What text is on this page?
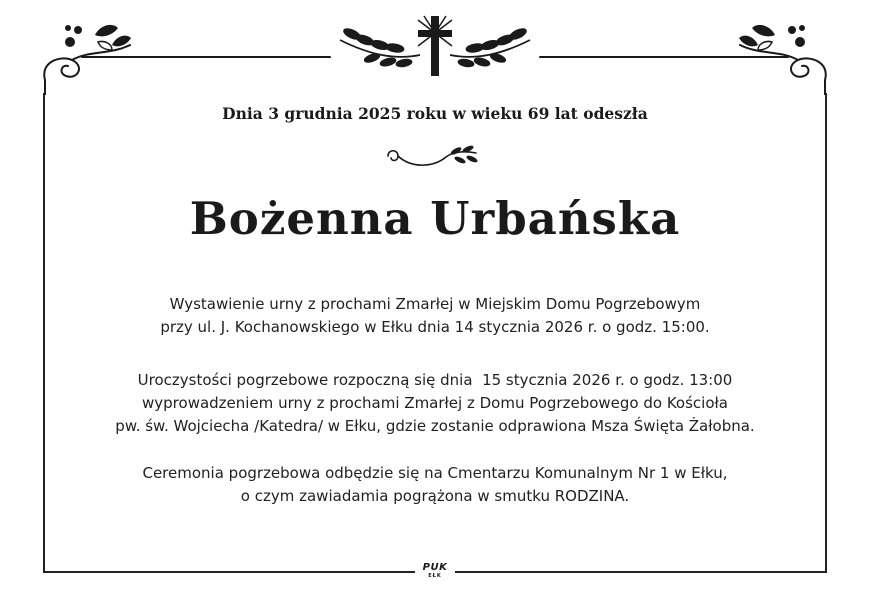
Dnia 3 grudnia 2025 roku w wieku 69 lat odeszła
Bożenna Urbańska
Wystawienie urny z prochami Zmarłej w Miejskim Domu Pogrzebowym
przy ul. J. Kochanowskiego w Ełku dnia 14 stycznia 2026 r. o godz. 15:00.
Uroczystości pogrzebowe rozpoczną się dnia  15 stycznia 2026 r. o godz. 13:00
wyprowadzeniem urny z prochami Zmarłej z Domu Pogrzebowego do Kościoła
pw. św. Wojciecha /Katedra/ w Ełku, gdzie zostanie odprawiona Msza Święta Żałobna.
Ceremonia pogrzebowa odbędzie się na Cmentarzu Komunalnym Nr 1 w Ełku,
o czym zawiadamia pogrążona w smutku RODZINA.
PUK
EŁK
